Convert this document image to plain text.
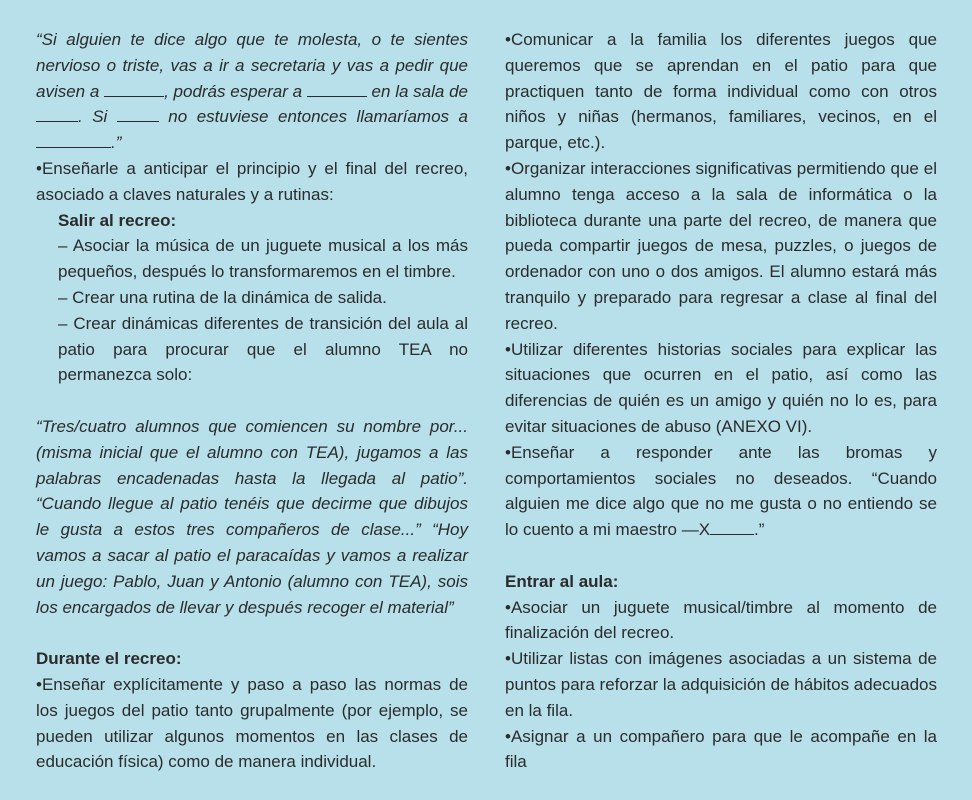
“Si alguien te dice algo que te molesta, o te sientes nervioso o triste, vas a ir a secretaria y vas a pedir que avisen a	, podrás esperar a	en la sala de . Si  no estuviese entonces llamaríamos a .”

•Enseñarle a anticipar el principio y el final del recreo, asociado a claves naturales y a rutinas:

Salir al recreo:

– Asociar la música de un juguete musical a los más pequeños, después lo transformaremos en el timbre.

– Crear una rutina de la dinámica de salida.

– Crear dinámicas diferentes de transición del aula al patio para procurar que el alumno TEA no permanezca solo:

“Tres/cuatro alumnos que comiencen su nombre por... (misma inicial que el alumno con TEA), jugamos a las palabras encadenadas hasta la llegada al patio”. “Cuando llegue al patio tenéis que decirme que dibujos le gusta a estos tres compañeros de clase...” “Hoy vamos a sacar al patio el paracaídas y vamos a realizar un juego: Pablo, Juan y Antonio (alumno con TEA), sois los encargados de llevar y después recoger el material”

Durante el recreo:

•Enseñar explícitamente y paso a paso las normas de los juegos del patio tanto grupalmente (por ejemplo, se pueden utilizar algunos momentos en las clases de educación física) como de manera individual.

•Comunicar a la familia los diferentes juegos que queremos que se aprendan en el patio para que practiquen tanto de forma individual como con otros niños y niñas (hermanos, familiares, vecinos, en el parque, etc.).

•Organizar interacciones significativas permitiendo que el alumno tenga acceso a la sala de informática o la biblioteca durante una parte del recreo, de manera que pueda compartir juegos de mesa, puzzles, o juegos de ordenador con uno o dos amigos. El alumno estará más tranquilo y preparado para regresar a clase al final del recreo.

•Utilizar diferentes historias sociales para explicar las situaciones que ocurren en el patio, así como las diferencias de quién es un amigo y quién no lo es, para evitar situaciones de abuso (ANEXO VI).

•Enseñar a responder ante las bromas y comportamientos sociales no deseados. “Cuando alguien me dice algo que no me gusta o no entiendo se lo cuento a mi maestro —X	.”

Entrar al aula:

•Asociar un juguete musical/timbre al momento de finalización del recreo.

•Utilizar listas con imágenes asociadas a un sistema de puntos para reforzar la adquisición de hábitos adecuados en la fila.

•Asignar a un compañero para que le acompañe en la fila
